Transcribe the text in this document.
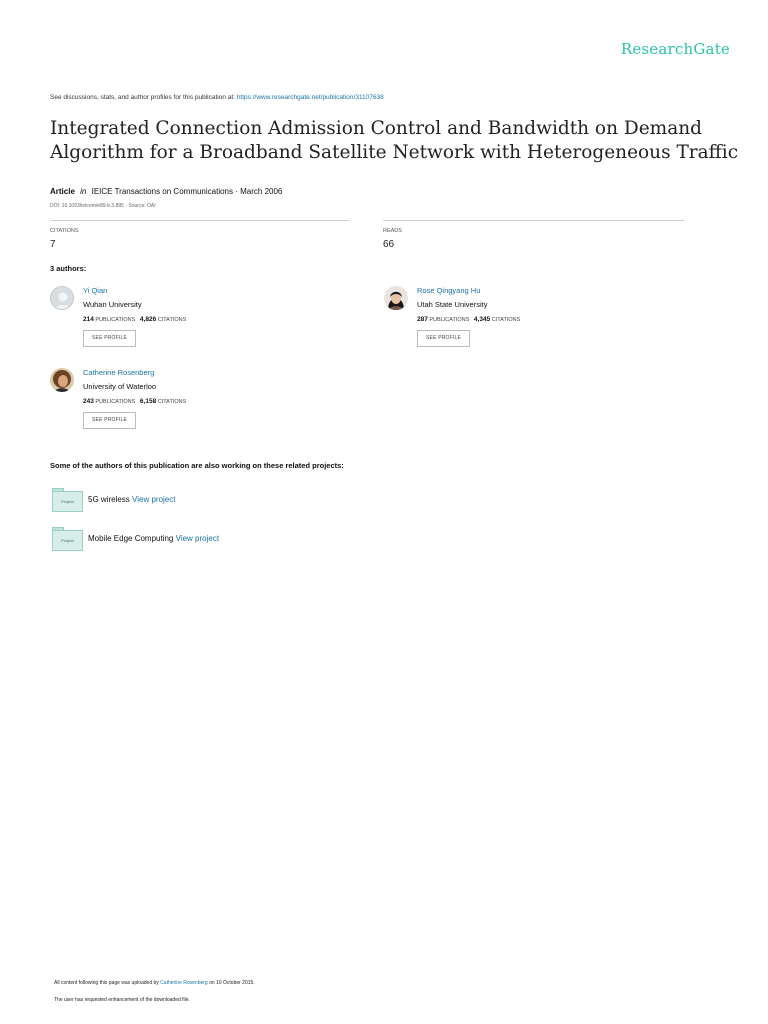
ResearchGate
See discussions, stats, and author profiles for this publication at: https://www.researchgate.net/publication/31107638
Integrated Connection Admission Control and Bandwidth on Demand Algorithm for a Broadband Satellite Network with Heterogeneous Traffic
Article in IEICE Transactions on Communications · March 2006
DOI: 10.1093/ietcom/e89-b.3.895 · Source: OAI
CITATIONS
7
READS
66
3 authors:
Yi Qian
Wuhan University
214 PUBLICATIONS 4,826 CITATIONS
SEE PROFILE
Rose Qingyang Hu
Utah State University
287 PUBLICATIONS 4,345 CITATIONS
SEE PROFILE
Catherine Rosenberg
University of Waterloo
243 PUBLICATIONS 6,158 CITATIONS
SEE PROFILE
Some of the authors of this publication are also working on these related projects:
Project	5G wireless View project
Project	Mobile Edge Computing View project
All content following this page was uploaded by Catherine Rosenberg on 10 October 2015.
The user has requested enhancement of the downloaded file.
